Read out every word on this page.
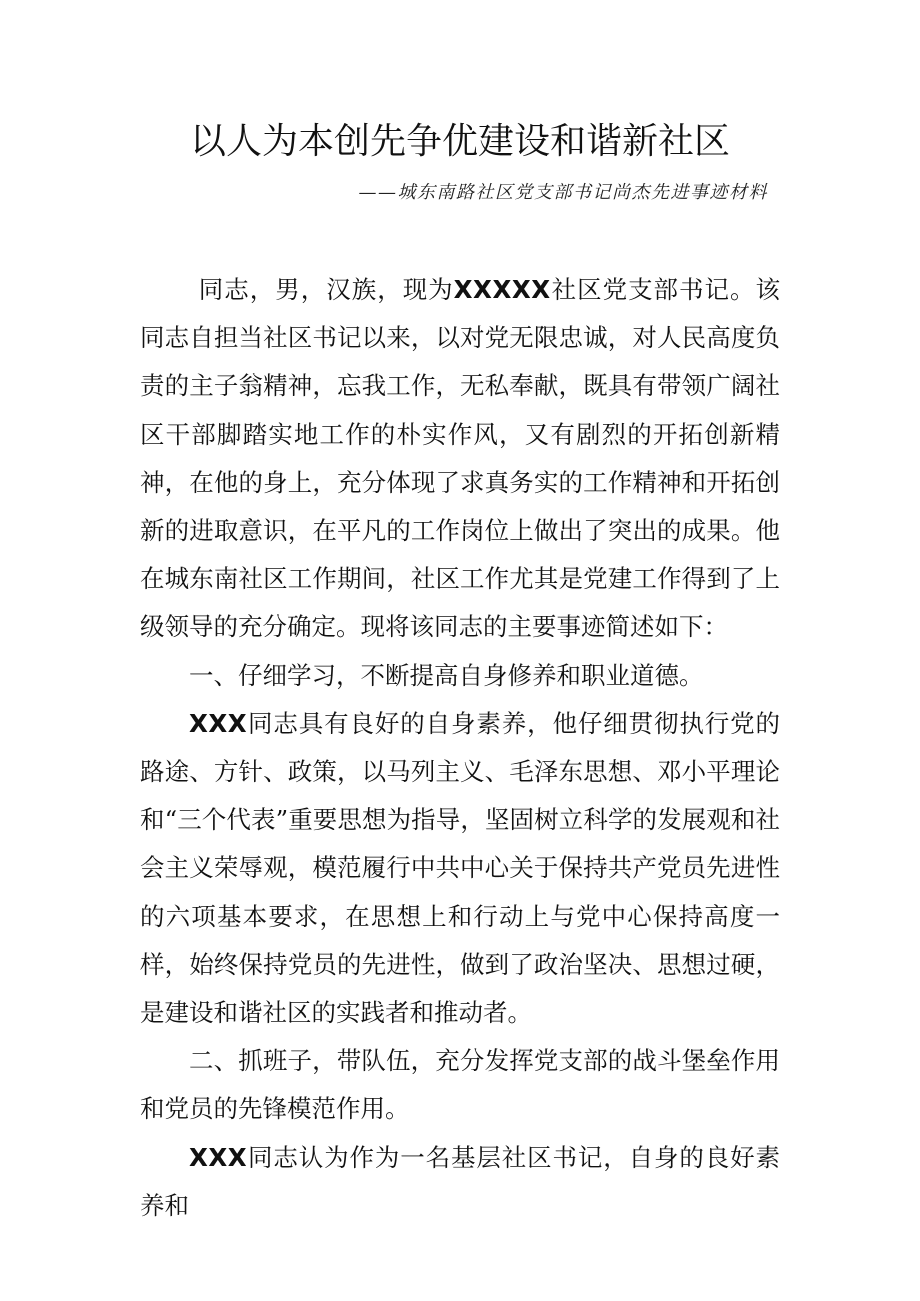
以人为本创先争优建设和谐新社区
——城东南路社区党支部书记尚杰先进事迹材料

同志，男，汉族，现为XXXXX社区党支部书记。该同志自担当社区书记以来，以对党无限忠诚，对人民高度负责的主子翁精神，忘我工作，无私奉献，既具有带领广阔社区干部脚踏实地工作的朴实作风，又有剧烈的开拓创新精神，在他的身上，充分体现了求真务实的工作精神和开拓创新的进取意识，在平凡的工作岗位上做出了突出的成果。他在城东南社区工作期间，社区工作尤其是党建工作得到了上级领导的充分确定。现将该同志的主要事迹简述如下：

一、仔细学习，不断提高自身修养和职业道德。

XXX同志具有良好的自身素养，他仔细贯彻执行党的路途、方针、政策，以马列主义、毛泽东思想、邓小平理论和“三个代表”重要思想为指导，坚固树立科学的发展观和社会主义荣辱观，模范履行中共中心关于保持共产党员先进性的六项基本要求，在思想上和行动上与党中心保持高度一样，始终保持党员的先进性，做到了政治坚决、思想过硬，是建设和谐社区的实践者和推动者。

二、抓班子，带队伍，充分发挥党支部的战斗堡垒作用和党员的先锋模范作用。

XXX同志认为作为一名基层社区书记，自身的良好素养和
